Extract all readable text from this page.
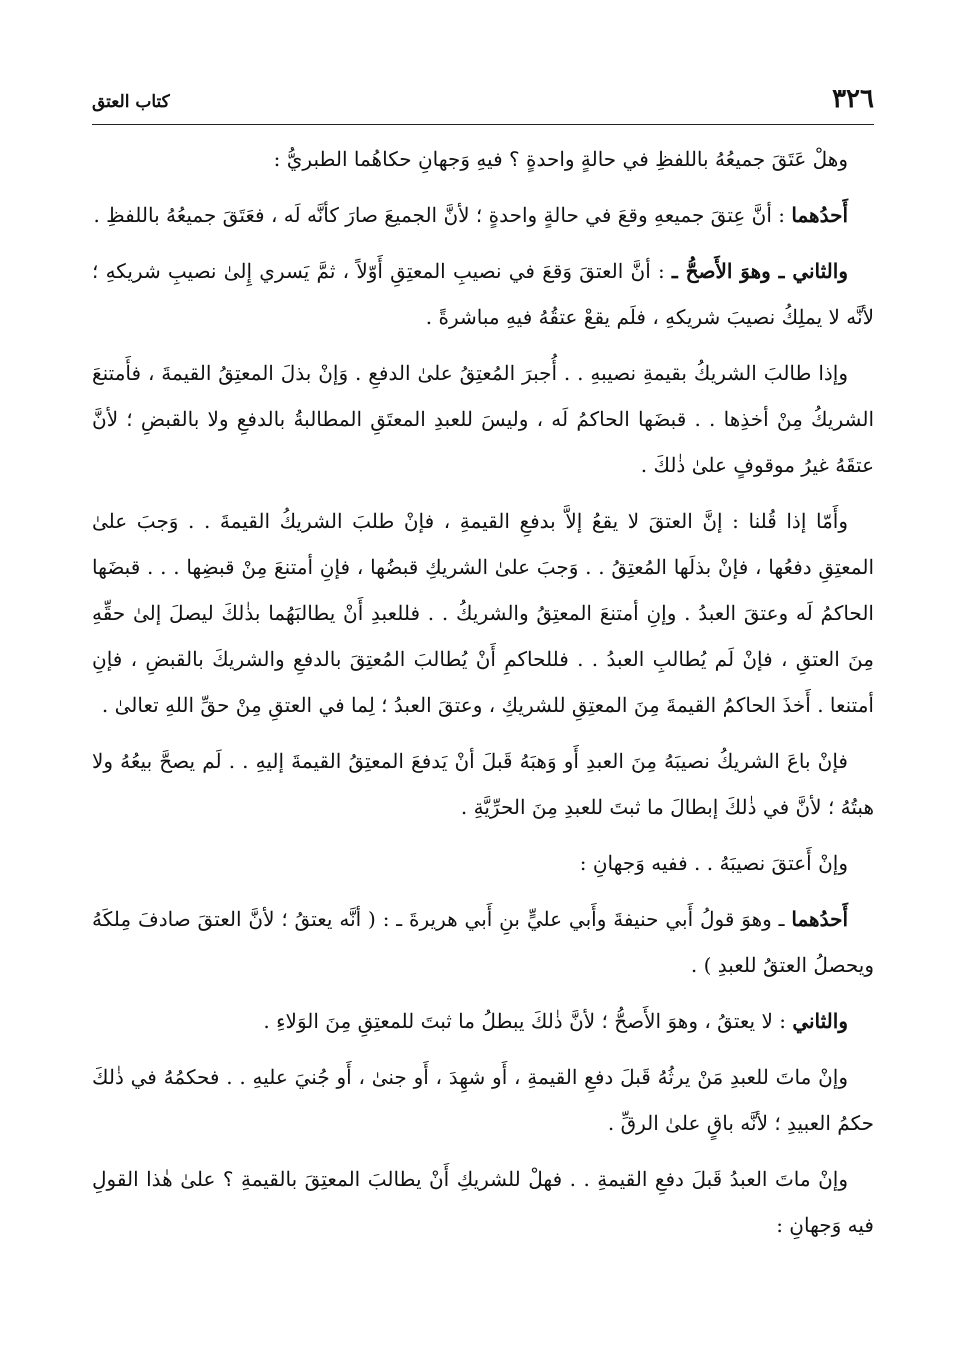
٣٢٦
كتاب العتق

وهلْ عَتَقَ جميعُهُ باللفظِ في حالةٍ واحدةٍ ؟ فيهِ وَجهانِ حكاهُما الطبريُّ :

أَحدُهما : أنَّ عِتقَ جميعهِ وقعَ في حالةٍ واحدةٍ ؛ لأنَّ الجميعَ صارَ كأنَّه لَه ، فعَتَقَ جميعُهُ باللفظِ .

والثاني ـ وهوَ الأَصحُّ ـ : أنَّ العتقَ وَقعَ في نصيبِ المعتِقِ أَوّلاً ، ثمَّ يَسري إِلىٰ نصيبِ شريكهِ ؛ لأنَّه لا يملِكُ نصيبَ شريكهِ ، فلَم يقعْ عتقُهُ فيهِ مباشرةً .

وإذا طالبَ الشريكُ بقيمةِ نصيبهِ . . أُجبرَ المُعتِقُ علىٰ الدفعِ . وَإنْ بذلَ المعتِقُ القيمةَ ، فأَمتنعَ الشريكُ مِنْ أخذِها . . قبضَها الحاكمُ لَه ، وليسَ للعبدِ المعتَقِ المطالبةُ بالدفعِ ولا بالقبضِ ؛ لأنَّ عتقَهُ غيرُ موقوفٍ علىٰ ذٰلكَ .

وأَمّا إذا قُلنا : إنَّ العتقَ لا يقعُ إلاَّ بدفعِ القيمةِ ، فإنْ طلبَ الشريكُ القيمةَ . . وَجبَ علىٰ المعتِقِ دفعُها ، فإنْ بذلَها المُعتِقُ . . وَجبَ علىٰ الشريكِ قبضُها ، فإنِ أمتنعَ مِنْ قبضِها . . . قبضَها الحاكمُ لَه وعتقَ العبدُ . وإنِ أمتنعَ المعتِقُ والشريكُ . . فللعبدِ أَنْ يطالبَهُما بذٰلكَ ليصلَ إلىٰ حقِّهِ مِنَ العتقِ ، فإنْ لَم يُطالبِ العبدُ . . فللحاكمِ أَنْ يُطالبَ المُعتِقَ بالدفعِ والشريكَ بالقبضِ ، فإنِ أمتنعا . أَخذَ الحاكمُ القيمةَ مِنَ المعتِقِ للشريكِ ، وعتقَ العبدُ ؛ لِما في العتقِ مِنْ حقِّ اللهِ تعالىٰ .

فإنْ باعَ الشريكُ نصيبَهُ مِنَ العبدِ أَو وَهبَهُ قَبلَ أنْ يَدفعَ المعتِقُ القيمةَ إليهِ . . لَم يصحَّ بيعُهُ ولا هبتُهُ ؛ لأنَّ في ذٰلكَ إبطالَ ما ثبتَ للعبدِ مِنَ الحرِّيَّةِ .

وإنْ أَعتقَ نصيبَهُ . . ففيه وَجهانِ :

أَحدُهما ـ وهوَ قولُ أَبي حنيفةَ وأَبي عليٍّ بنِ أَبي هريرةَ ـ : ( أنَّه يعتقُ ؛ لأنَّ العتقَ صادفَ مِلكَهُ ويحصلُ العتقُ للعبدِ ) .

والثاني : لا يعتقُ ، وهوَ الأَصحُّ ؛ لأنَّ ذٰلكَ يبطلُ ما ثبتَ للمعتِقِ مِنَ الوَلاءِ .

وإنْ ماتَ للعبدِ مَنْ يرثُهُ قَبلَ دفعِ القيمةِ ، أَو شهِدَ ، أَو جنىٰ ، أَو جُنيَ عليهِ . . فحكمُهُ في ذٰلكَ حكمُ العبيدِ ؛ لأنَّه باقٍ علىٰ الرقِّ .

وإنْ ماتَ العبدُ قَبلَ دفعِ القيمةِ . . فهلْ للشريكِ أَنْ يطالبَ المعتِقَ بالقيمةِ ؟ علىٰ هٰذا القولِ فيه وَجهانِ :
